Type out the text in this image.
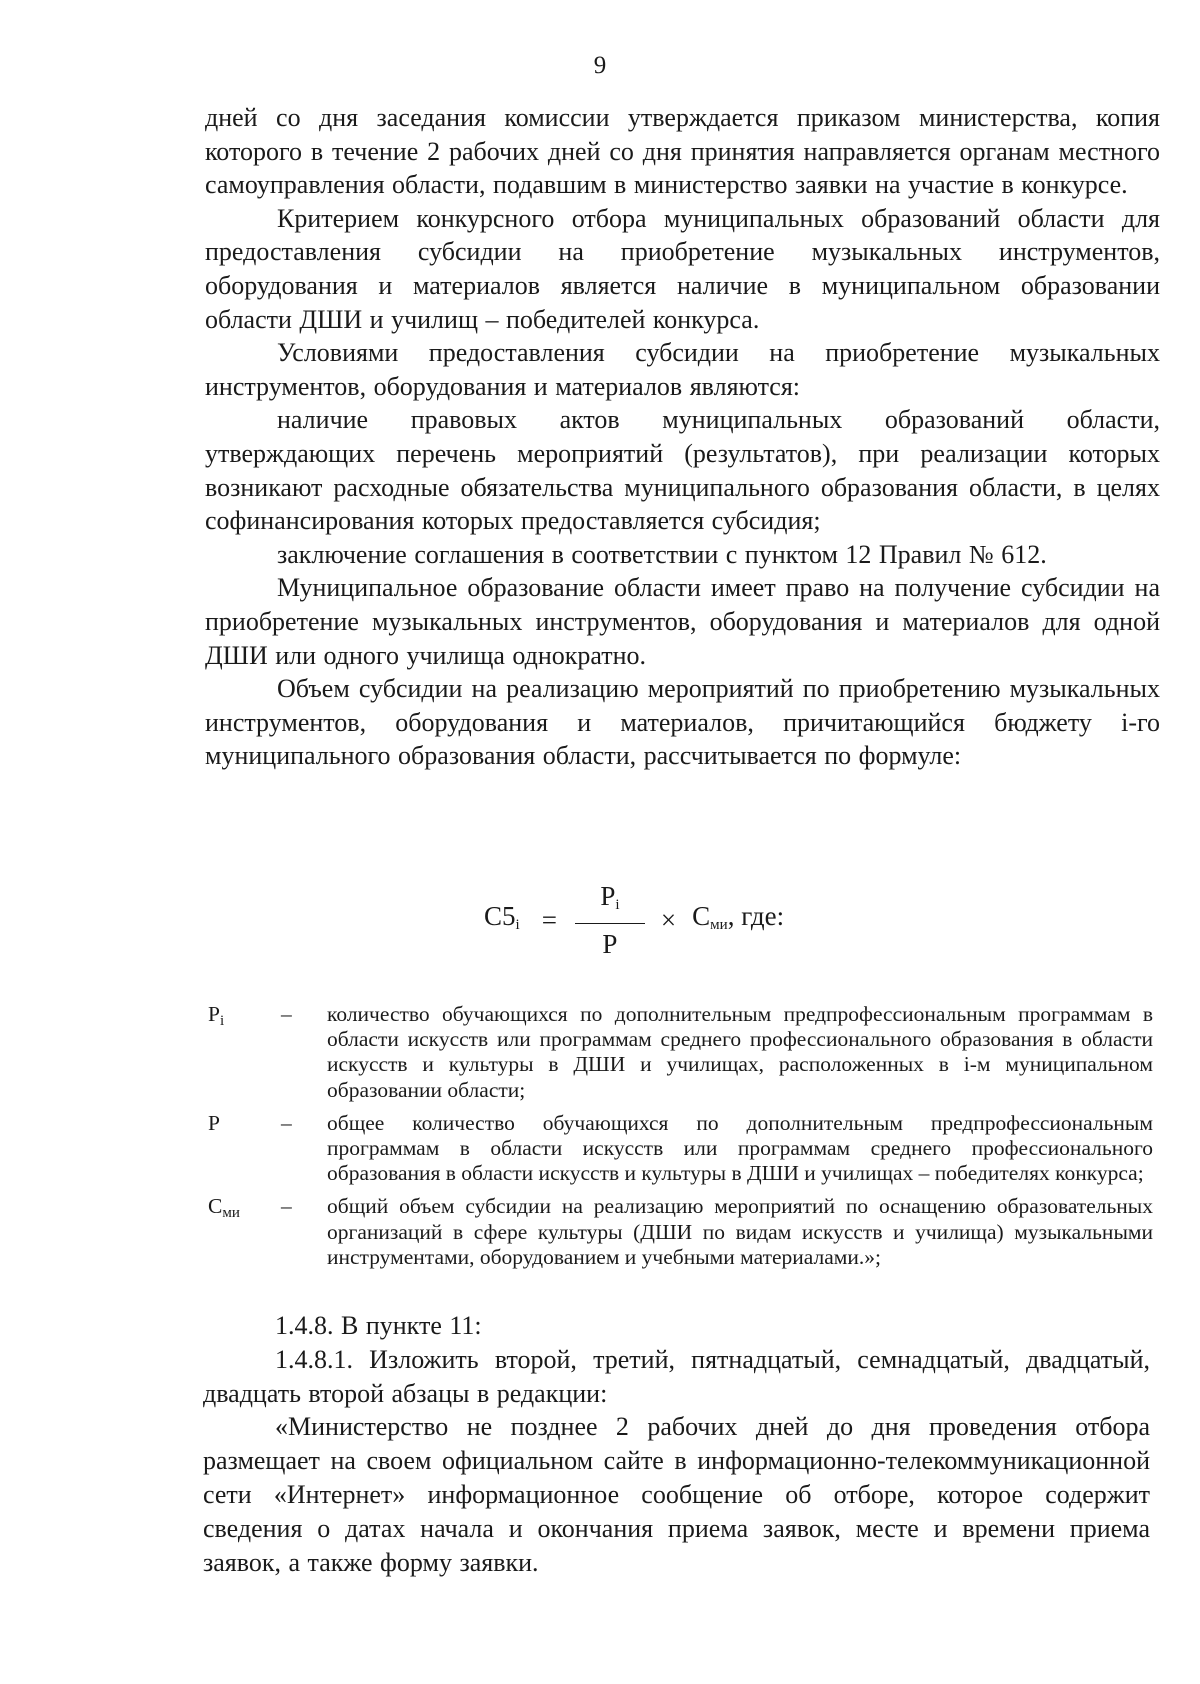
9

дней со дня заседания комиссии утверждается приказом министерства, копия которого в течение 2 рабочих дней со дня принятия направляется органам местного самоуправления области, подавшим в министерство заявки на участие в конкурсе.

Критерием конкурсного отбора муниципальных образований области для предоставления субсидии на приобретение музыкальных инструментов, оборудования и материалов является наличие в муниципальном образовании области ДШИ и училищ – победителей конкурса.

Условиями предоставления субсидии на приобретение музыкальных инструментов, оборудования и материалов являются:

наличие правовых актов муниципальных образований области, утверждающих перечень мероприятий (результатов), при реализации которых возникают расходные обязательства муниципального образования области, в целях софинансирования которых предоставляется субсидия;

заключение соглашения в соответствии с пунктом 12 Правил № 612.

Муниципальное образование области имеет право на получение субсидии на приобретение музыкальных инструментов, оборудования и материалов для одной ДШИ или одного училища однократно.

Объем субсидии на реализацию мероприятий по приобретению музыкальных инструментов, оборудования и материалов, причитающийся бюджету i-го муниципального образования области, рассчитывается по формуле:

$С5_i = \frac{P_i}{P} \times С_{ми}$, где:
$P_i$	–	количество обучающихся по дополнительным предпрофессиональным программам в области искусств или программам среднего профессионального образования в области искусств и культуры в ДШИ и училищах, расположенных в i-м муниципальном образовании области;
P	–	общее количество обучающихся по дополнительным предпрофессиональным программам в области искусств или программам среднего профессионального образования в области искусств и культуры в ДШИ и училищах – победителях конкурса;
$С_{ми}$	–	общий объем субсидии на реализацию мероприятий по оснащению образовательных организаций в сфере культуры (ДШИ по видам искусств и училища) музыкальными инструментами, оборудованием и учебными материалами.»;

1.4.8. В пункте 11:

1.4.8.1. Изложить второй, третий, пятнадцатый, семнадцатый, двадцатый, двадцать второй абзацы в редакции:

«Министерство не позднее 2 рабочих дней до дня проведения отбора размещает на своем официальном сайте в информационно-телекоммуникационной сети «Интернет» информационное сообщение об отборе, которое содержит сведения о датах начала и окончания приема заявок, месте и времени приема заявок, а также форму заявки.
